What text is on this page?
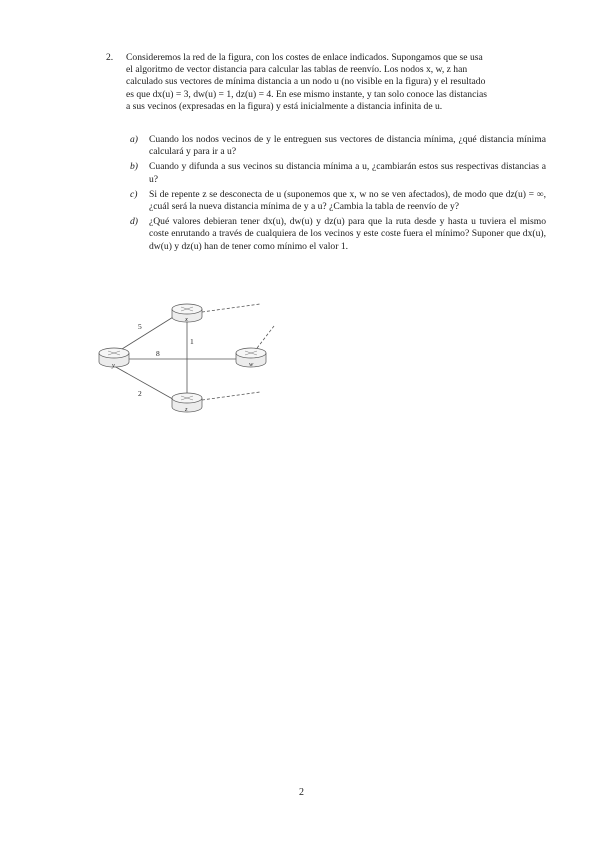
2. Consideremos la red de la figura, con los costes de enlace indicados. Supongamos que se usa
el algoritmo de vector distancia para calcular las tablas de reenvío. Los nodos x, w, z han
calculado sus vectores de mínima distancia a un nodo u (no visible en la figura) y el resultado
es que dx(u) = 3, dw(u) = 1, dz(u) = 4. En ese mismo instante, y tan solo conoce las distancias
a sus vecinos (expresadas en la figura) y está inicialmente a distancia infinita de u.
a) Cuando los nodos vecinos de y le entreguen sus vectores de distancia mínima, ¿qué distancia mínima calculará y para ir a u?
b) Cuando y difunda a sus vecinos su distancia mínima a u, ¿cambiarán estos sus respectivas distancias a u?
c) Si de repente z se desconecta de u (suponemos que x, w no se ven afectados), de modo que dz(u) = ∞, ¿cuál será la nueva distancia mínima de y a u? ¿Cambia la tabla de reenvío de y?
d) ¿Qué valores debieran tener dx(u), dw(u) y dz(u) para que la ruta desde y hasta u tuviera el mismo coste enrutando a través de cualquiera de los vecinos y este coste fuera el mínimo? Suponer que dx(u), dw(u) y dz(u) han de tener como mínimo el valor 1.
5
1
8
2
x
y	w
z
2
